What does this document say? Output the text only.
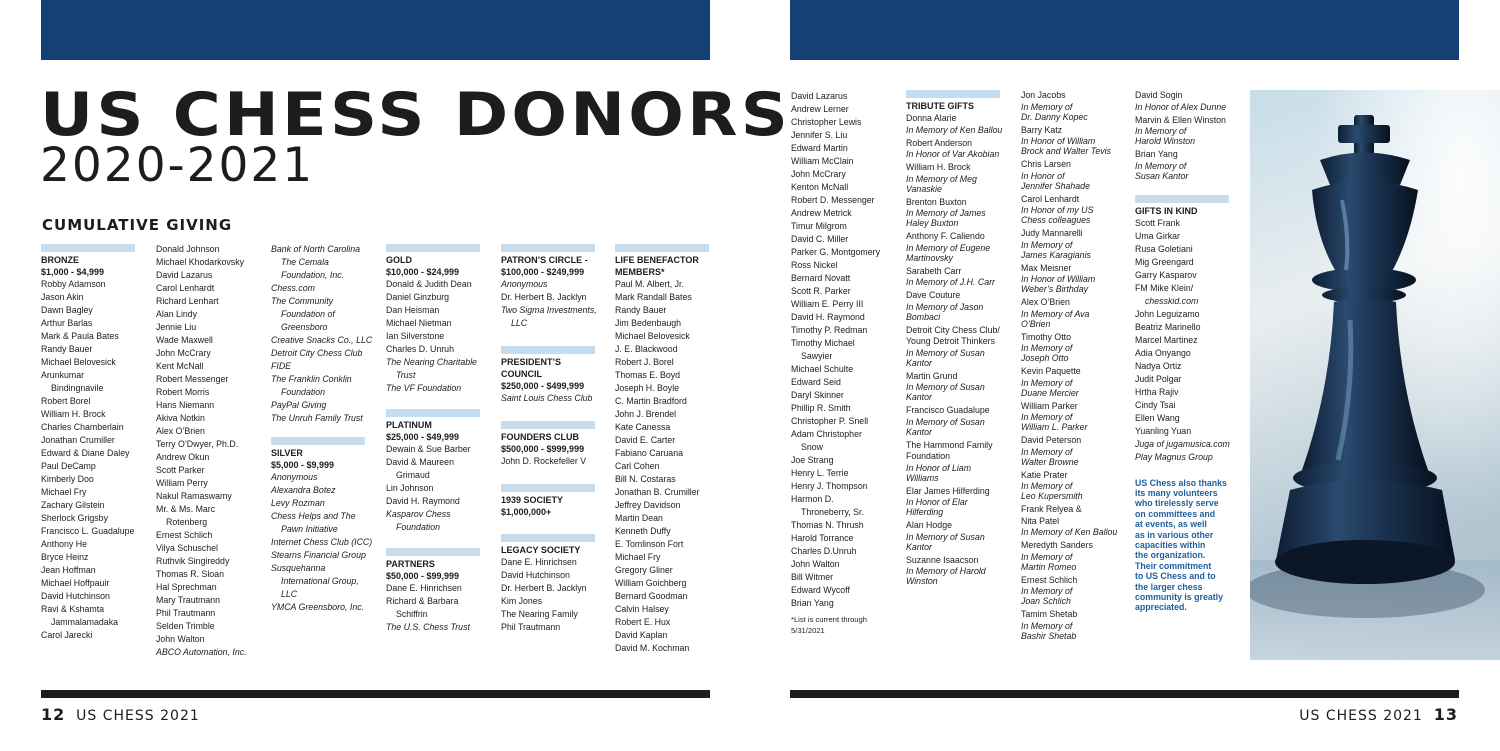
US CHESS DONORS
2020-2021
CUMULATIVE GIVING
BRONZE
$1,000 - $4,999
Robby Adamson
Jason Akin
Dawn Bagley
Arthur Barlas
Mark & Paula Bates
Randy Bauer
Michael Belovesick
Arunkumar
Bindingnavile
Robert Borel
William H. Brock
Charles Chamberlain
Jonathan Crumiller
Edward & Diane Daley
Paul DeCamp
Kimberly Doo
Michael Fry
Zachary Gilstein
Sherlock Grigsby
Francisco L. Guadalupe
Anthony He
Bryce Heinz
Jean Hoffman
Michael Hoffpauir
David Hutchinson
Ravi & Kshamta
Jammalamadaka
Carol Jarecki
Donald Johnson
Michael Khodarkovsky
David Lazarus
Carol Lenhardt
Richard Lenhart
Alan Lindy
Jennie Liu
Wade Maxwell
John McCrary
Kent McNall
Robert Messenger
Robert Morris
Hans Niemann
Akiva Notkin
Alex O’Brien
Terry O’Dwyer, Ph.D.
Andrew Okun
Scott Parker
William Perry
Nakul Ramaswamy
Mr. & Ms. Marc
Rotenberg
Ernest Schlich
Vilya Schuschel
Ruthvik Singireddy
Thomas R. Sloan
Hal Sprechman
Mary Trautmann
Phil Trautmann
Selden Trimble
John Walton
ABCO Automation, Inc.
Bank of North Carolina
The Cemala
Foundation, Inc.
Chess.com
The Community
Foundation of
Greensboro
Creative Snacks Co., LLC
Detroit City Chess Club
FIDE
The Franklin Conklin
Foundation
PayPal Giving
The Unruh Family Trust
SILVER
$5,000 - $9,999
Anonymous
Alexandra Botez
Levy Rozman
Chess Helps and The
Pawn Initiative
Internet Chess Club (ICC)
Stearns Financial Group
Susquehanna
International Group,
LLC
YMCA Greensboro, Inc.
GOLD
$10,000 - $24,999
Donald & Judith Dean
Daniel Ginzburg
Dan Heisman
Michael Nietman
Ian Silverstone
Charles D. Unruh
The Nearing Charitable
Trust
The VF Foundation
PLATINUM
$25,000 - $49,999
Dewain & Sue Barber
David & Maureen
Grimaud
Lin Johnson
David H. Raymond
Kasparov Chess
Foundation
PARTNERS
$50,000 - $99,999
Dane E. Hinrichsen
Richard & Barbara
Schiffrin
The U.S. Chess Trust
PATRON’S CIRCLE -
$100,000 - $249,999
Anonymous
Dr. Herbert B. Jacklyn
Two Sigma Investments,
LLC
PRESIDENT’S
COUNCIL
$250,000 - $499,999
Saint Louis Chess Club
FOUNDERS CLUB
$500,000 - $999,999
John D. Rockefeller V
1939 SOCIETY
$1,000,000+
LEGACY SOCIETY
Dane E. Hinrichsen
David Hutchinson
Dr. Herbert B. Jacklyn
Kim Jones
The Nearing Family
Phil Trautmann
LIFE BENEFACTOR
MEMBERS*
Paul M. Albert, Jr.
Mark Randall Bates
Randy Bauer
Jim Bedenbaugh
Michael Belovesick
J. E. Blackwood
Robert J. Borel
Thomas E. Boyd
Joseph H. Boyle
C. Martin Bradford
John J. Brendel
Kate Canessa
David E. Carter
Fabiano Caruana
Carl Cohen
Bill N. Costaras
Jonathan B. Crumiller
Jeffrey Davidson
Martin Dean
Kenneth Duffy
E. Tomlinson Fort
Michael Fry
Gregory Gliner
William Goichberg
Bernard Goodman
Calvin Halsey
Robert E. Hux
David Kaplan
David M. Kochman
12 US CHESS 2021	US CHESS 2021 13
David Lazarus
Andrew Lerner
Christopher Lewis
Jennifer S. Liu
Edward Martin
William McClain
John McCrary
Kenton McNall
Robert D. Messenger
Andrew Metrick
Timur Milgrom
David C. Miller
Parker G. Montgomery
Ross Nickel
Bernard Novatt
Scott R. Parker
William E. Perry III
David H. Raymond
Timothy P. Redman
Timothy Michael
Sawyier
Michael Schulte
Edward Seid
Daryl Skinner
Phillip R. Smith
Christopher P. Snell
Adam Christopher
Snow
Joe Strang
Henry L. Terrie
Henry J. Thompson
Harmon D.
Throneberry, Sr.
Thomas N. Thrush
Harold Torrance
Charles D.Unruh
John Walton
Bill Witmer
Edward Wycoff
Brian Yang
*List is current through
5/31/2021
TRIBUTE GIFTS
Donna Alarie
In Memory of Ken Ballou
Robert Anderson
In Honor of Var Akobian
William H. Brock
In Memory of Meg
Vanaskie
Brenton Buxton
In Memory of James
Haley Buxton
Anthony F. Caliendo
In Memory of Eugene
Martinovsky
Sarabeth Carr
In Memory of J.H. Carr
Dave Couture
In Memory of Jason
Bombaci
Detroit City Chess Club/
Young Detroit Thinkers
In Memory of Susan
Kantor
Martin Grund
In Memory of Susan
Kantor
Francisco Guadalupe
In Memory of Susan
Kantor
The Hammond Family
Foundation
In Honor of Liam
Williams
Elar James Hilferding
In Honor of Elar
Hilferding
Alan Hodge
In Memory of Susan
Kantor
Suzanne Isaacson
In Memory of Harold
Winston
Jon Jacobs
In Memory of
Dr. Danny Kopec
Barry Katz
In Honor of William
Brock and Walter Tevis
Chris Larsen
In Honor of
Jennifer Shahade
Carol Lenhardt
In Honor of my US
Chess colleagues
Judy Mannarelli
In Memory of
James Karagianis
Max Meisner
In Honor of William
Weber’s Birthday
Alex O’Brien
In Memory of Ava
O’Brien
Timothy Otto
In Memory of
Joseph Otto
Kevin Paquette
In Memory of
Duane Mercier
William Parker
In Memory of
William L. Parker
David Peterson
In Memory of
Walter Browne
Katie Prater
In Memory of
Leo Kupersmith
Frank Relyea &
Nita Patel
In Memory of Ken Ballou
Meredyth Sanders
In Memory of
Martin Romeo
Ernest Schlich
In Memory of
Joan Schlich
Tamim Shetab
In Memory of
Bashir Shetab
David Sogin
In Honor of Alex Dunne
Marvin & Ellen Winston
In Memory of
Harold Winston
Brian Yang
In Memory of
Susan Kantor
GIFTS IN KIND
Scott Frank
Uma Girkar
Rusa Goletiani
Mig Greengard
Garry Kasparov
FM Mike Klein/
chesskid.com
John Leguizamo
Beatriz Marinello
Marcel Martinez
Adia Onyango
Nadya Ortiz
Judit Polgar
Hrtha Rajiv
Cindy Tsai
Ellen Wang
Yuanling Yuan
Juga of jugamusica.com
Play Magnus Group
US Chess also thanks
its many volunteers
who tirelessly serve
on committees and
at events, as well
as in various other
capacities within
the organization.
Their commitment
to US Chess and to
the larger chess
community is greatly
appreciated.
